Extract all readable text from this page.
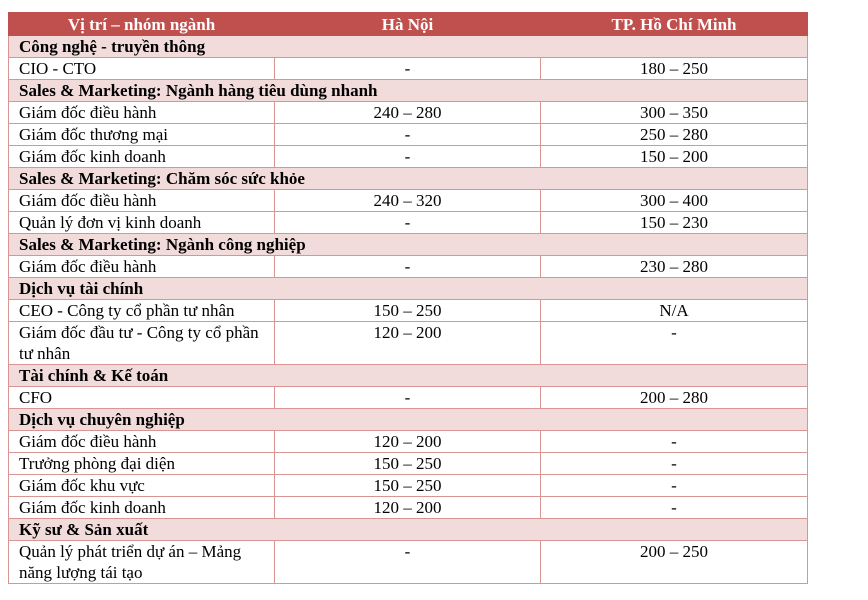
Vị trí – nhóm ngành	Hà Nội	TP. Hồ Chí Minh
Công nghệ - truyền thông		
CIO - CTO	-	180 – 250
Sales & Marketing: Ngành hàng tiêu dùng nhanh		
Giám đốc điều hành	240 – 280	300 – 350
Giám đốc thương mại	-	250 – 280
Giám đốc kinh doanh	-	150 – 200
Sales & Marketing: Chăm sóc sức khỏe		
Giám đốc điều hành	240 – 320	300 – 400
Quản lý đơn vị kinh doanh	-	150 – 230
Sales & Marketing: Ngành công nghiệp		
Giám đốc điều hành	-	230 – 280
Dịch vụ tài chính		
CEO - Công ty cổ phần tư nhân	150 – 250	N/A
Giám đốc đầu tư - Công ty cổ phần tư nhân	120 – 200	-
Tài chính & Kế toán		
CFO	-	200 – 280
Dịch vụ chuyên nghiệp		
Giám đốc điều hành	120 – 200	-
Trưởng phòng đại diện	150 – 250	-
Giám đốc khu vực	150 – 250	-
Giám đốc kinh doanh	120 – 200	-
Kỹ sư & Sản xuất		
Quản lý phát triển dự án – Mảng năng lượng tái tạo	-	200 – 250
